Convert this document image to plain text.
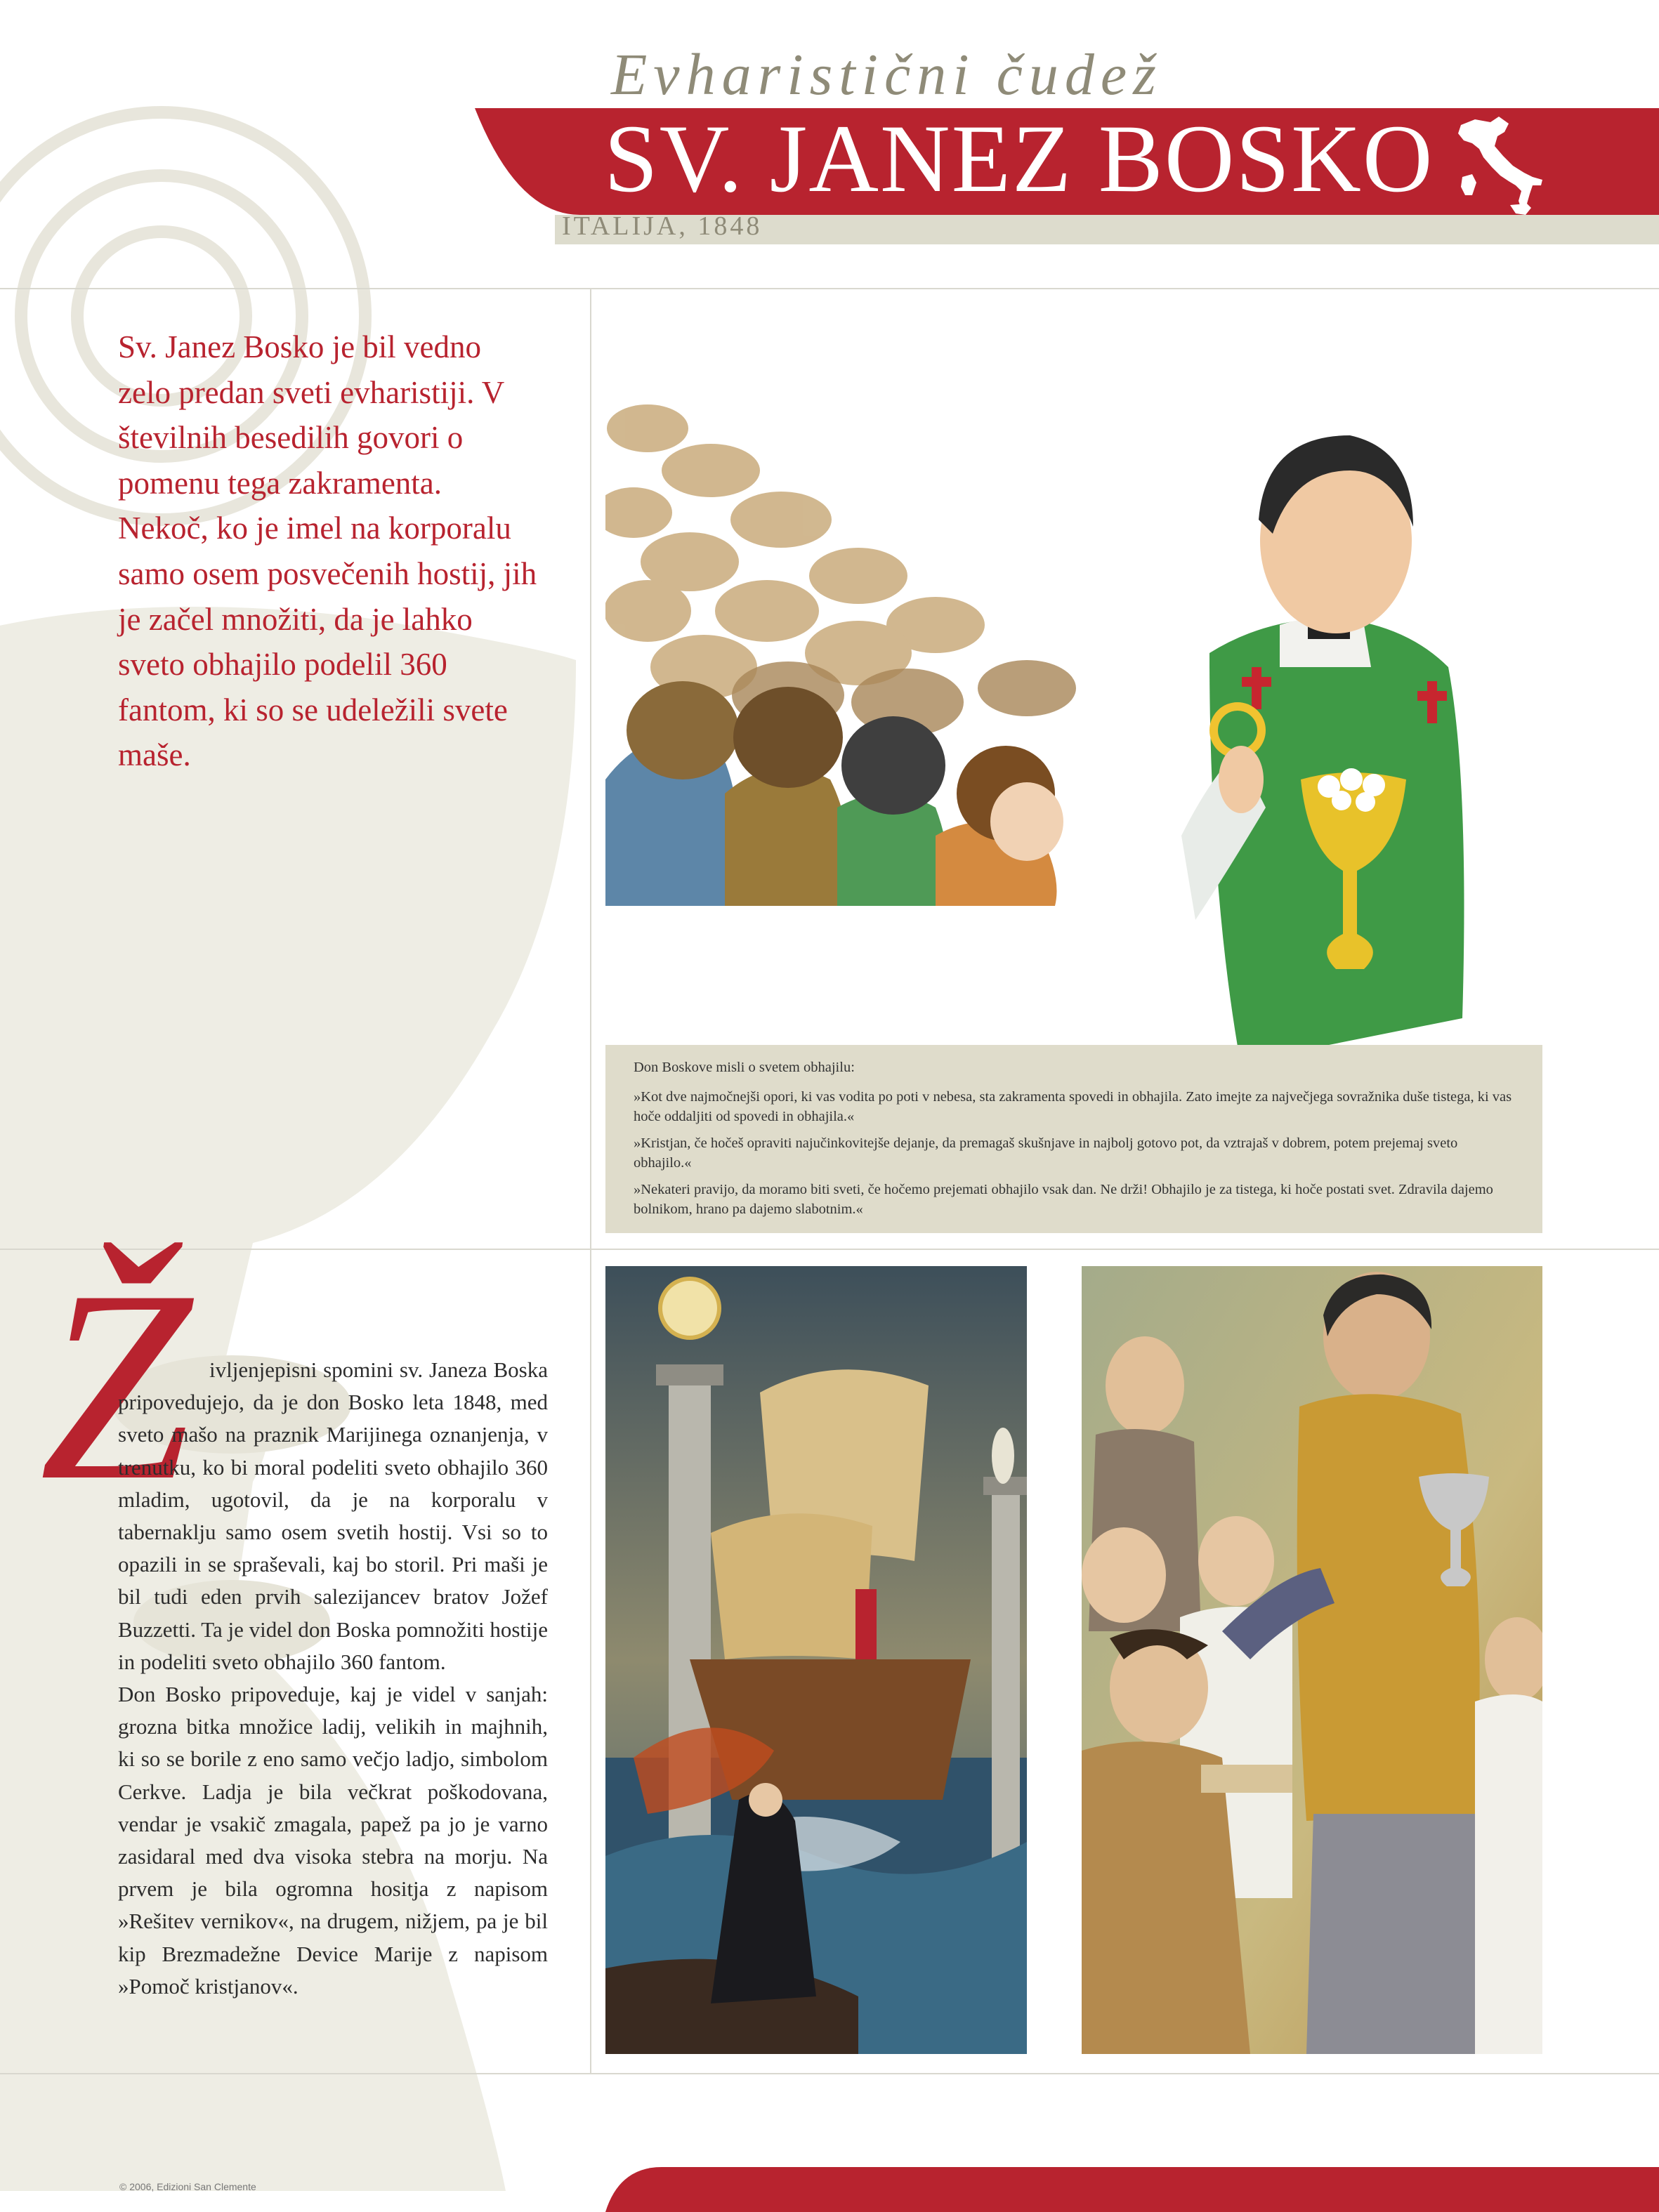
Evharistični čudež
SV. JANEZ BOSKO
ITALIJA, 1848
Sv. Janez Bosko je bil vedno zelo predan sveti evharistiji. V številnih besedilih govori o pomenu tega zakramenta. Nekoč, ko je imel na korporalu samo osem posvečenih hostij, jih je začel množiti, da je lahko sveto obhajilo podelil 360 fantom, ki so se udeležili svete maše.

Don Boskove misli o svetem obhajilu:

»Kot dve najmočnejši opori, ki vas vodita po poti v nebesa, sta zakramenta spovedi in obhajila. Zato imejte za največjega sovražnika duše tistega, ki vas hoče oddaljiti od spovedi in obhajila.«

»Kristjan, če hočeš opraviti najučinkovitejše dejanje, da premagaš skušnjave in najbolj gotovo pot, da vztrajaš v dobrem, potem prejemaj sveto obhajilo.«

»Nekateri pravijo, da moramo biti sveti, če hočemo prejemati obhajilo vsak dan. Ne drži! Obhajilo je za tistega, ki hoče postati svet. Zdravila dajemo bolnikom, hrano pa dajemo slabotnim.«

Ž ivljenjepisni spomini sv. Janeza Boska pripovedujejo, da je don Bosko leta 1848, med sveto mašo na praznik Marijinega oznanjenja, v trenutku, ko bi moral podeliti sveto obhajilo 360 mladim, ugotovil, da je na korporalu v tabernaklju samo osem svetih hostij. Vsi so to opazili in se spraševali, kaj bo storil. Pri maši je bil tudi eden prvih salezijancev bratov Jožef Buzzetti. Ta je videl don Boska pomnožiti hostije in podeliti sveto obhajilo 360 fantom.

Don Bosko pripoveduje, kaj je videl v sanjah: grozna bitka množice ladij, velikih in majhnih, ki so se borile z eno samo večjo ladjo, simbolom Cerkve. Ladja je bila večkrat poškodovana, vendar je vsakič zmagala, papež pa jo je varno zasidaral med dva visoka stebra na morju. Na prvem je bila ogromna hositja z napisom »Rešitev vernikov«, na drugem, nižjem, pa je bil kip Brezmadežne Device Marije z napisom »Pomoč kristjanov«.

© 2006, Edizioni San Clemente
